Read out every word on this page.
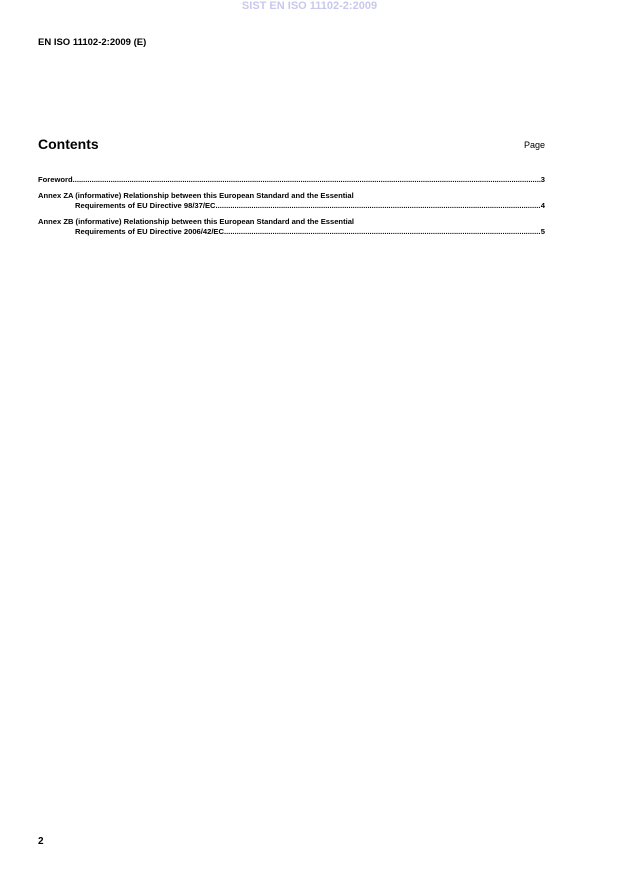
SIST EN ISO 11102-2:2009
EN ISO 11102-2:2009 (E)
Contents	Page
Foreword .....	3
Annex ZA (informative) Relationship between this European Standard and the Essential
Requirements of EU Directive 98/37/EC .....	4
Annex ZB (informative) Relationship between this European Standard and the Essential
Requirements of EU Directive 2006/42/EC .....	5
2
